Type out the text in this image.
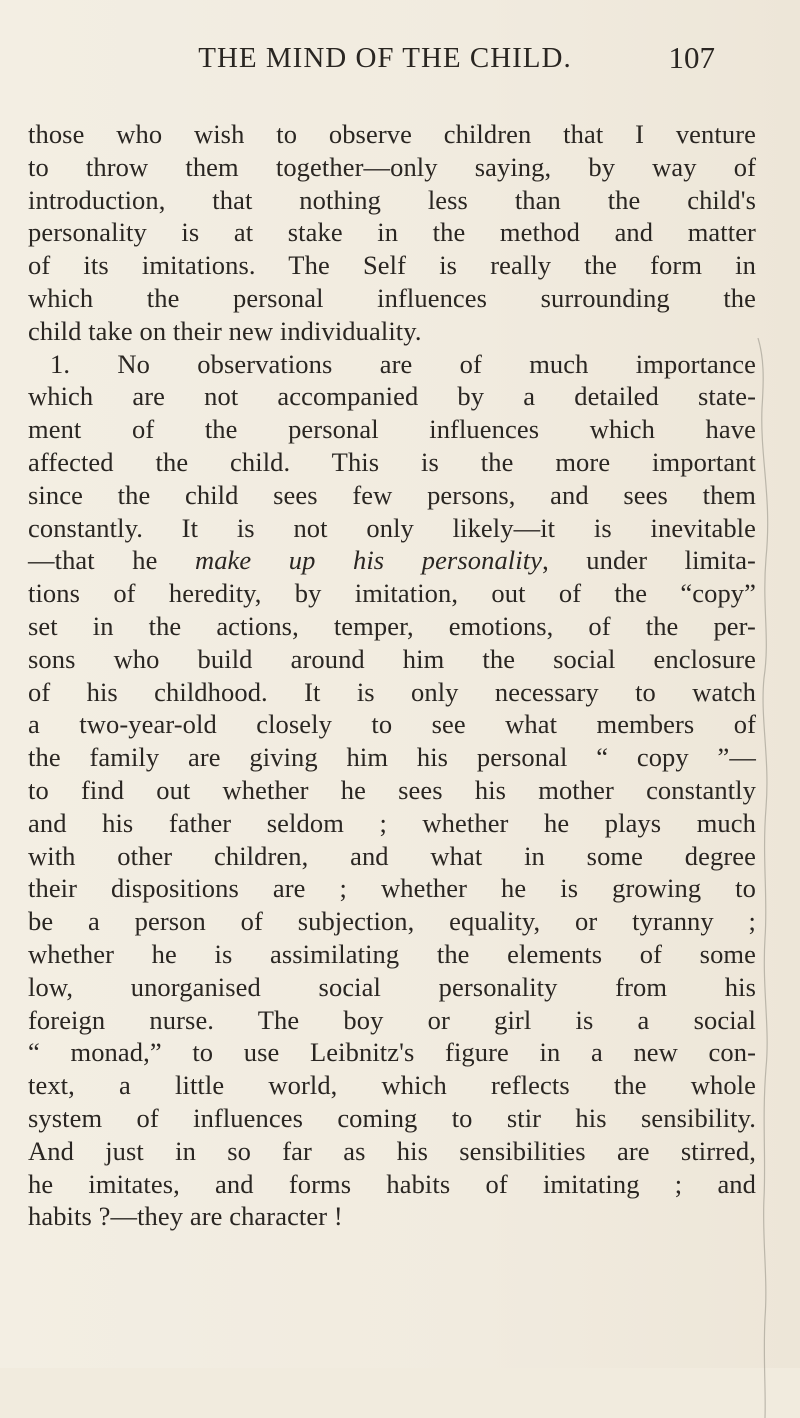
THE MIND OF THE CHILD.	107
those who wish to observe children that I venture
to throw them together—only saying, by way of
introduction, that nothing less than the child's
personality is at stake in the method and matter
of its imitations. The Self is really the form in
which the personal influences surrounding the
child take on their new individuality.
1. No observations are of much importance
which are not accompanied by a detailed state-
ment of the personal influences which have
affected the child. This is the more important
since the child sees few persons, and sees them
constantly. It is not only likely—it is inevitable
—that he make up his personality, under limita-
tions of heredity, by imitation, out of the “copy”
set in the actions, temper, emotions, of the per-
sons who build around him the social enclosure
of his childhood. It is only necessary to watch
a two-year-old closely to see what members of
the family are giving him his personal “ copy ”—
to find out whether he sees his mother constantly
and his father seldom ; whether he plays much
with other children, and what in some degree
their dispositions are ; whether he is growing to
be a person of subjection, equality, or tyranny ;
whether he is assimilating the elements of some
low, unorganised social personality from his
foreign nurse. The boy or girl is a social
“ monad,” to use Leibnitz's figure in a new con-
text, a little world, which reflects the whole
system of influences coming to stir his sensibility.
And just in so far as his sensibilities are stirred,
he imitates, and forms habits of imitating ; and
habits ?—they are character !
